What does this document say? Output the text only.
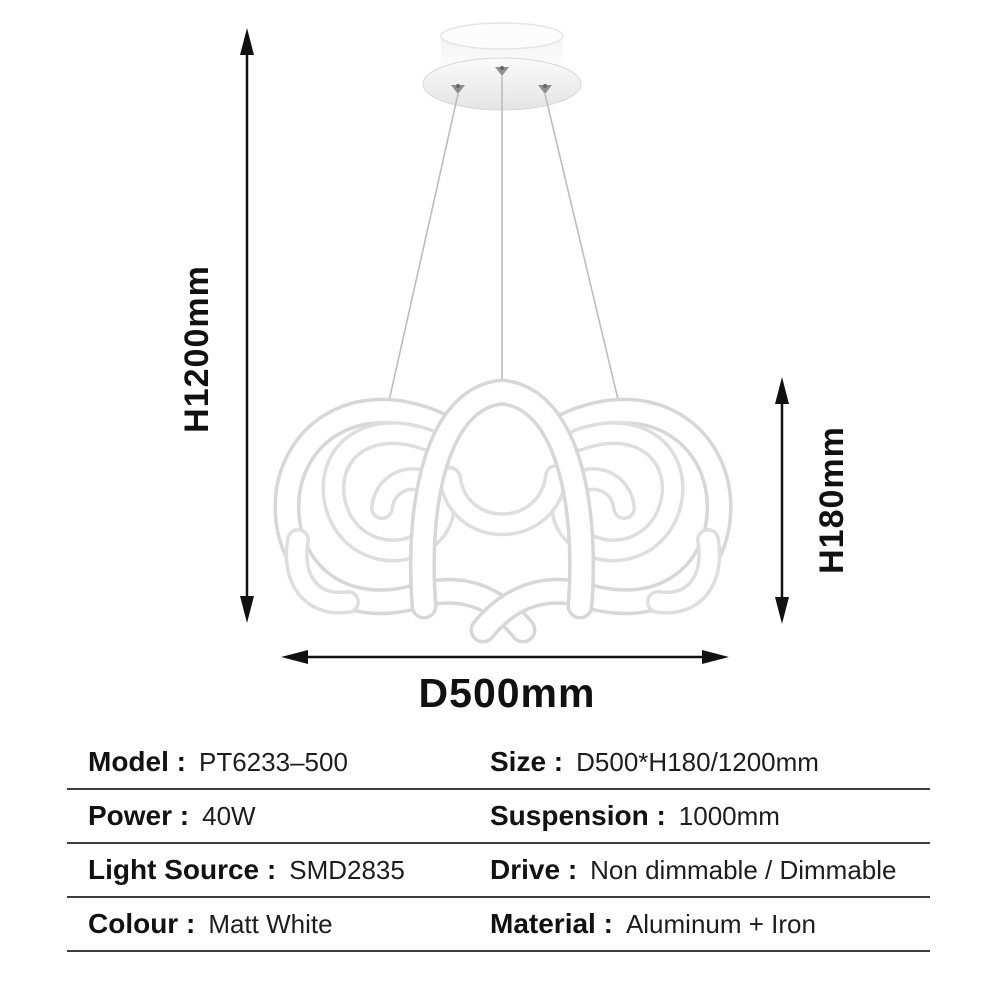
H1200mm
H180mm
D500mm
Model : PT6233–500	Size : D500*H180/1200mm
Power : 40W	Suspension : 1000mm
Light Source : SMD2835	Drive : Non dimmable / Dimmable
Colour : Matt White	Material : Aluminum + Iron
